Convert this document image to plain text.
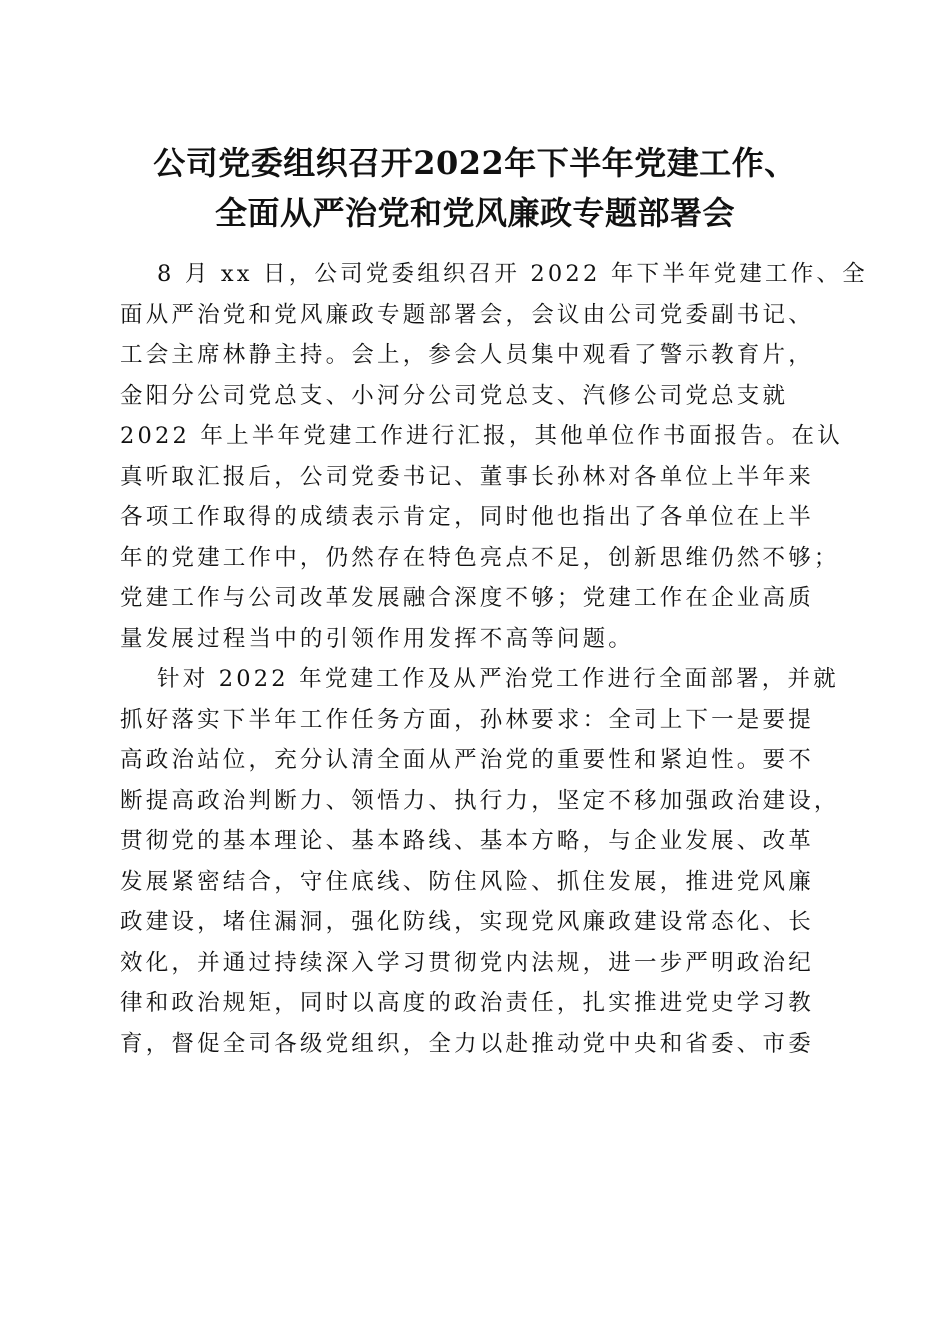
公司党委组织召开2022年下半年党建工作、
全面从严治党和党风廉政专题部署会

8 月 xx 日，公司党委组织召开 2022 年下半年党建工作、全
面从严治党和党风廉政专题部署会，会议由公司党委副书记、
工会主席林静主持。会上，参会人员集中观看了警示教育片，
金阳分公司党总支、小河分公司党总支、汽修公司党总支就
2022 年上半年党建工作进行汇报，其他单位作书面报告。在认
真听取汇报后，公司党委书记、董事长孙林对各单位上半年来
各项工作取得的成绩表示肯定，同时他也指出了各单位在上半
年的党建工作中，仍然存在特色亮点不足，创新思维仍然不够；
党建工作与公司改革发展融合深度不够；党建工作在企业高质
量发展过程当中的引领作用发挥不高等问题。

针对 2022 年党建工作及从严治党工作进行全面部署，并就
抓好落实下半年工作任务方面，孙林要求：全司上下一是要提
高政治站位，充分认清全面从严治党的重要性和紧迫性。要不
断提高政治判断力、领悟力、执行力，坚定不移加强政治建设，
贯彻党的基本理论、基本路线、基本方略，与企业发展、改革
发展紧密结合，守住底线、防住风险、抓住发展，推进党风廉
政建设，堵住漏洞，强化防线，实现党风廉政建设常态化、长
效化，并通过持续深入学习贯彻党内法规，进一步严明政治纪
律和政治规矩，同时以高度的政治责任，扎实推进党史学习教
育，督促全司各级党组织，全力以赴推动党中央和省委、市委
